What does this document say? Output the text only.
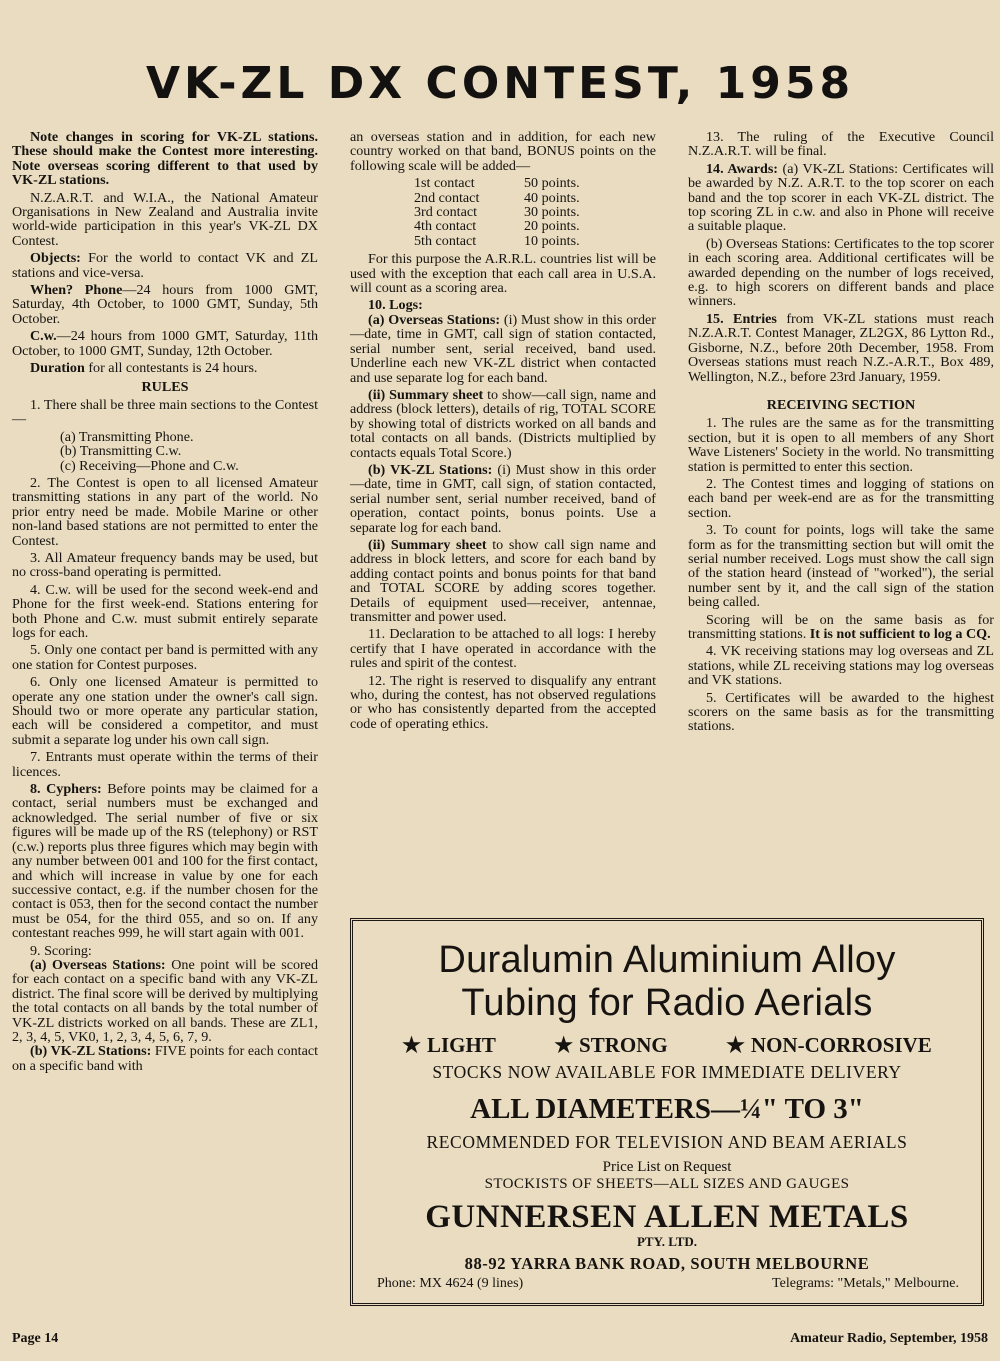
VK-ZL DX CONTEST, 1958

Note changes in scoring for VK-ZL stations. These should make the Contest more interesting. Note overseas scoring different to that used by VK-ZL stations.

N.Z.A.R.T. and W.I.A., the National Amateur Organisations in New Zealand and Australia invite world-wide participation in this year's VK-ZL DX Contest.

Objects: For the world to contact VK and ZL stations and vice-versa.

When? Phone—24 hours from 1000 GMT, Saturday, 4th October, to 1000 GMT, Sunday, 5th October.

C.w.—24 hours from 1000 GMT, Saturday, 11th October, to 1000 GMT, Sunday, 12th October.

Duration for all contestants is 24 hours.

RULES

1. There shall be three main sections to the Contest—

(a) Transmitting Phone.

(b) Transmitting C.w.

(c) Receiving—Phone and C.w.

2. The Contest is open to all licensed Amateur transmitting stations in any part of the world. No prior entry need be made. Mobile Marine or other non-land based stations are not permitted to enter the Contest.

3. All Amateur frequency bands may be used, but no cross-band operating is permitted.

4. C.w. will be used for the second week-end and Phone for the first week-end. Stations entering for both Phone and C.w. must submit entirely separate logs for each.

5. Only one contact per band is permitted with any one station for Contest purposes.

6. Only one licensed Amateur is permitted to operate any one station under the owner's call sign. Should two or more operate any particular station, each will be considered a competitor, and must submit a separate log under his own call sign.

7. Entrants must operate within the terms of their licences.

8. Cyphers: Before points may be claimed for a contact, serial numbers must be exchanged and acknowledged. The serial number of five or six figures will be made up of the RS (telephony) or RST (c.w.) reports plus three figures which may begin with any number between 001 and 100 for the first contact, and which will increase in value by one for each successive contact, e.g. if the number chosen for the contact is 053, then for the second contact the number must be 054, for the third 055, and so on. If any contestant reaches 999, he will start again with 001.

9. Scoring:

(a) Overseas Stations: One point will be scored for each contact on a specific band with any VK-ZL district. The final score will be derived by multiplying the total contacts on all bands by the total number of VK-ZL districts worked on all bands. These are ZL1, 2, 3, 4, 5, VK0, 1, 2, 3, 4, 5, 6, 7, 9.

(b) VK-ZL Stations: FIVE points for each contact on a specific band with

an overseas station and in addition, for each new country worked on that band, BONUS points on the following scale will be added—

1st contact	50 points.
2nd contact	40 points.
3rd contact	30 points.
4th contact	20 points.
5th contact	10 points.

For this purpose the A.R.R.L. countries list will be used with the exception that each call area in U.S.A. will count as a scoring area.

10. Logs:

(a) Overseas Stations: (i) Must show in this order—date, time in GMT, call sign of station contacted, serial number sent, serial received, band used. Underline each new VK-ZL district when contacted and use separate log for each band.

(ii) Summary sheet to show—call sign, name and address (block letters), details of rig, TOTAL SCORE by showing total of districts worked on all bands and total contacts on all bands. (Districts multiplied by contacts equals Total Score.)

(b) VK-ZL Stations: (i) Must show in this order—date, time in GMT, call sign, of station contacted, serial number sent, serial number received, band of operation, contact points, bonus points. Use a separate log for each band.

(ii) Summary sheet to show call sign name and address in block letters, and score for each band by adding contact points and bonus points for that band and TOTAL SCORE by adding scores together. Details of equipment used—receiver, antennae, transmitter and power used.

11. Declaration to be attached to all logs: I hereby certify that I have operated in accordance with the rules and spirit of the contest.

12. The right is reserved to disqualify any entrant who, during the contest, has not observed regulations or who has consistently departed from the accepted code of operating ethics.

13. The ruling of the Executive Council N.Z.A.R.T. will be final.

14. Awards: (a) VK-ZL Stations: Certificates will be awarded by N.Z. A.R.T. to the top scorer on each band and the top scorer in each VK-ZL district. The top scoring ZL in c.w. and also in Phone will receive a suitable plaque.

(b) Overseas Stations: Certificates to the top scorer in each scoring area. Additional certificates will be awarded depending on the number of logs received, e.g. to high scorers on different bands and place winners.

15. Entries from VK-ZL stations must reach N.Z.A.R.T. Contest Manager, ZL2GX, 86 Lytton Rd., Gisborne, N.Z., before 20th December, 1958. From Overseas stations must reach N.Z.-A.R.T., Box 489, Wellington, N.Z., before 23rd January, 1959.

RECEIVING SECTION

1. The rules are the same as for the transmitting section, but it is open to all members of any Short Wave Listeners' Society in the world. No transmitting station is permitted to enter this section.

2. The Contest times and logging of stations on each band per week-end are as for the transmitting section.

3. To count for points, logs will take the same form as for the transmitting section but will omit the serial number received. Logs must show the call sign of the station heard (instead of "worked"), the serial number sent by it, and the call sign of the station being called.

Scoring will be on the same basis as for transmitting stations. It is not sufficient to log a CQ.

4. VK receiving stations may log overseas and ZL stations, while ZL receiving stations may log overseas and VK stations.

5. Certificates will be awarded to the highest scorers on the same basis as for the transmitting stations.

Duralumin Aluminium Alloy
Tubing for Radio Aerials
★ LIGHT	★ STRONG	★ NON-CORROSIVE
STOCKS NOW AVAILABLE FOR IMMEDIATE DELIVERY
ALL DIAMETERS—¼" TO 3"
RECOMMENDED FOR TELEVISION AND BEAM AERIALS
Price List on Request
STOCKISTS OF SHEETS—ALL SIZES AND GAUGES
GUNNERSEN ALLEN METALS
PTY. LTD.
88-92 YARRA BANK ROAD, SOUTH MELBOURNE
Phone: MX 4624 (9 lines)	Telegrams: "Metals," Melbourne.
Page 14	Amateur Radio, September, 1958
